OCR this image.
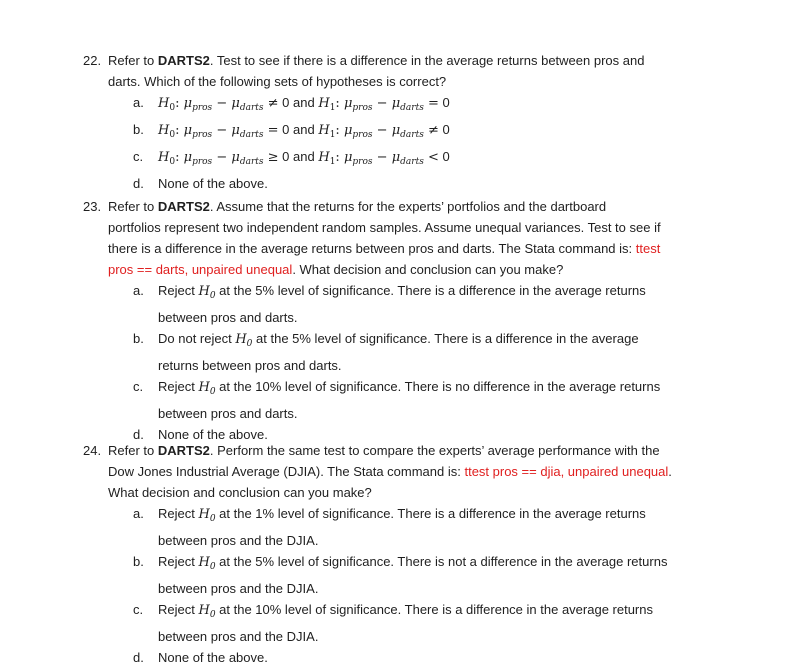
22. Refer to DARTS2. Test to see if there is a difference in the average returns between pros and
darts. Which of the following sets of hypotheses is correct?
a. $H_0$: $\mu_{pros} - \mu_{darts} \ne 0$ and $H_1$: $\mu_{pros} - \mu_{darts} = 0$
b. $H_0$: $\mu_{pros} - \mu_{darts} = 0$ and $H_1$: $\mu_{pros} - \mu_{darts} \ne 0$
c. $H_0$: $\mu_{pros} - \mu_{darts} \ge 0$ and $H_1$: $\mu_{pros} - \mu_{darts} < 0$
d. None of the above.
23. Refer to DARTS2. Assume that the returns for the experts’ portfolios and the dartboard
portfolios represent two independent random samples. Assume unequal variances. Test to see if
there is a difference in the average returns between pros and darts. The Stata command is: ttest
pros == darts, unpaired unequal. What decision and conclusion can you make?
a. Reject $H_0$ at the 5% level of significance. There is a difference in the average returns
between pros and darts.
b. Do not reject $H_0$ at the 5% level of significance. There is a difference in the average
returns between pros and darts.
c. Reject $H_0$ at the 10% level of significance. There is no difference in the average returns
between pros and darts.
d. None of the above.
24. Refer to DARTS2. Perform the same test to compare the experts’ average performance with the
Dow Jones Industrial Average (DJIA). The Stata command is: ttest pros == djia, unpaired unequal.
What decision and conclusion can you make?
a. Reject $H_0$ at the 1% level of significance. There is a difference in the average returns
between pros and the DJIA.
b. Reject $H_0$ at the 5% level of significance. There is not a difference in the average returns
between pros and the DJIA.
c. Reject $H_0$ at the 10% level of significance. There is a difference in the average returns
between pros and the DJIA.
d. None of the above.
